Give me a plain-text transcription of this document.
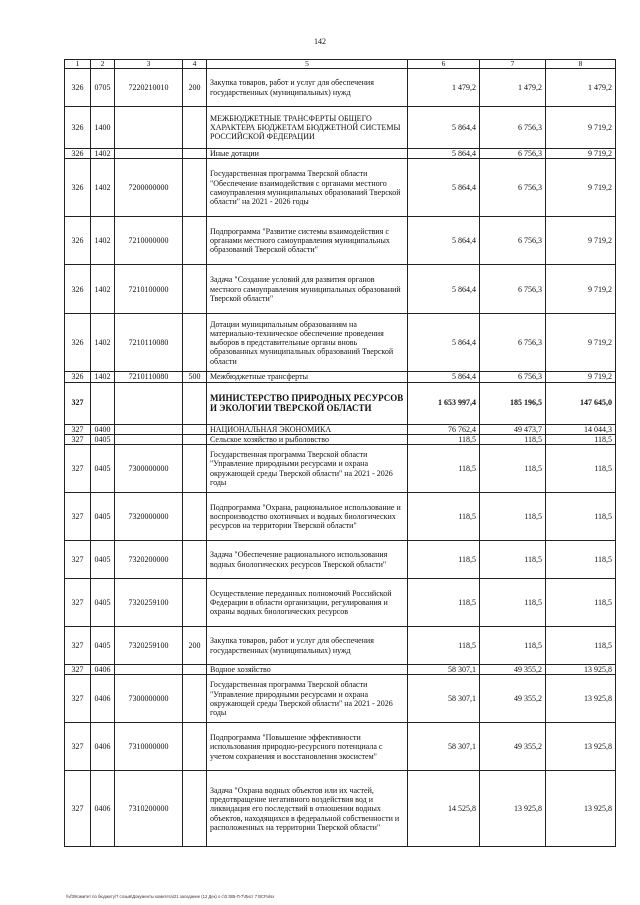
142
1	2	3	4	5	6	7	8
326	0705	7220210010	200	Закупка товаров, работ и услуг для обеспечения государственных (муниципальных) нужд	1 479,2	1 479,2	1 479,2
326	1400			МЕЖБЮДЖЕТНЫЕ ТРАНСФЕРТЫ ОБЩЕГО ХАРАКТЕРА БЮДЖЕТАМ БЮДЖЕТНОЙ СИСТЕМЫ РОССИЙСКОЙ ФЕДЕРАЦИИ	5 864,4	6 756,3	9 719,2
326	1402			Иные дотации	5 864,4	6 756,3	9 719,2
326	1402	7200000000		Государственная программа Тверской области "Обеспечение взаимодействия с органами местного самоуправления муниципальных образований Тверской области" на 2021 - 2026 годы	5 864,4	6 756,3	9 719,2
326	1402	7210000000		Подпрограмма "Развитие системы взаимодействия с органами местного самоуправления муниципальных образований Тверской области"	5 864,4	6 756,3	9 719,2
326	1402	7210100000		Задача "Создание условий для развития органов местного самоуправления муниципальных образований Тверской области"	5 864,4	6 756,3	9 719,2
326	1402	7210110080		Дотации муниципальным образованиям на материально-техническое обеспечение проведения выборов в представительные органы вновь образованных муниципальных образований Тверской области	5 864,4	6 756,3	9 719,2
326	1402	7210110080	500	Межбюджетные трансферты	5 864,4	6 756,3	9 719,2
327				МИНИСТЕРСТВО ПРИРОДНЫХ РЕСУРСОВ И ЭКОЛОГИИ ТВЕРСКОЙ ОБЛАСТИ	1 653 997,4	185 196,5	147 645,0
327	0400			НАЦИОНАЛЬНАЯ ЭКОНОМИКА	76 762,4	49 473,7	14 044,3
327	0405			Сельское хозяйство и рыболовство	118,5	118,5	118,5
327	0405	7300000000		Государственная программа Тверской области "Управление природными ресурсами и охрана окружающей среды Тверской области" на 2021 - 2026 годы	118,5	118,5	118,5
327	0405	7320000000		Подпрограмма "Охрана, рациональное использование и воспроизводство охотничьих и водных биологических ресурсов на территории Тверской области"	118,5	118,5	118,5
327	0405	7320200000		Задача "Обеспечение рационального использования водных биологических ресурсов Тверской области"	118,5	118,5	118,5
327	0405	7320259100		Осуществление переданных полномочий Российской Федерации в области организации, регулирования и охраны водных биологических ресурсов	118,5	118,5	118,5
327	0405	7320259100	200	Закупка товаров, работ и услуг для обеспечения государственных (муниципальных) нужд	118,5	118,5	118,5
327	0406			Водное хозяйство	58 307,1	49 355,2	13 925,8
327	0406	7300000000		Государственная программа Тверской области "Управление природными ресурсами и охрана окружающей среды Тверской области" на 2021 - 2026 годы	58 307,1	49 355,2	13 925,8
327	0406	7310000000		Подпрограмма "Повышение эффективности использования природно-ресурсного потенциала с учетом сохранения и восстановления экосистем"	58 307,1	49 355,2	13 925,8
327	0406	7310200000		Задача "Охрана водных объектов или их частей, предотвращение негативного воздействия вод и ликвидация его последствий в отношении водных объектов, находящихся в федеральной собственности и расположенных на территории Тверской области"	14 525,8	13 925,8	13 925,8
\\vf3\Комитет по бюджету\7 созыв\Документы комитета\21 заседание (12 Дек) о с\3 385-П-7\Лист 7 ВСР.xlsx
